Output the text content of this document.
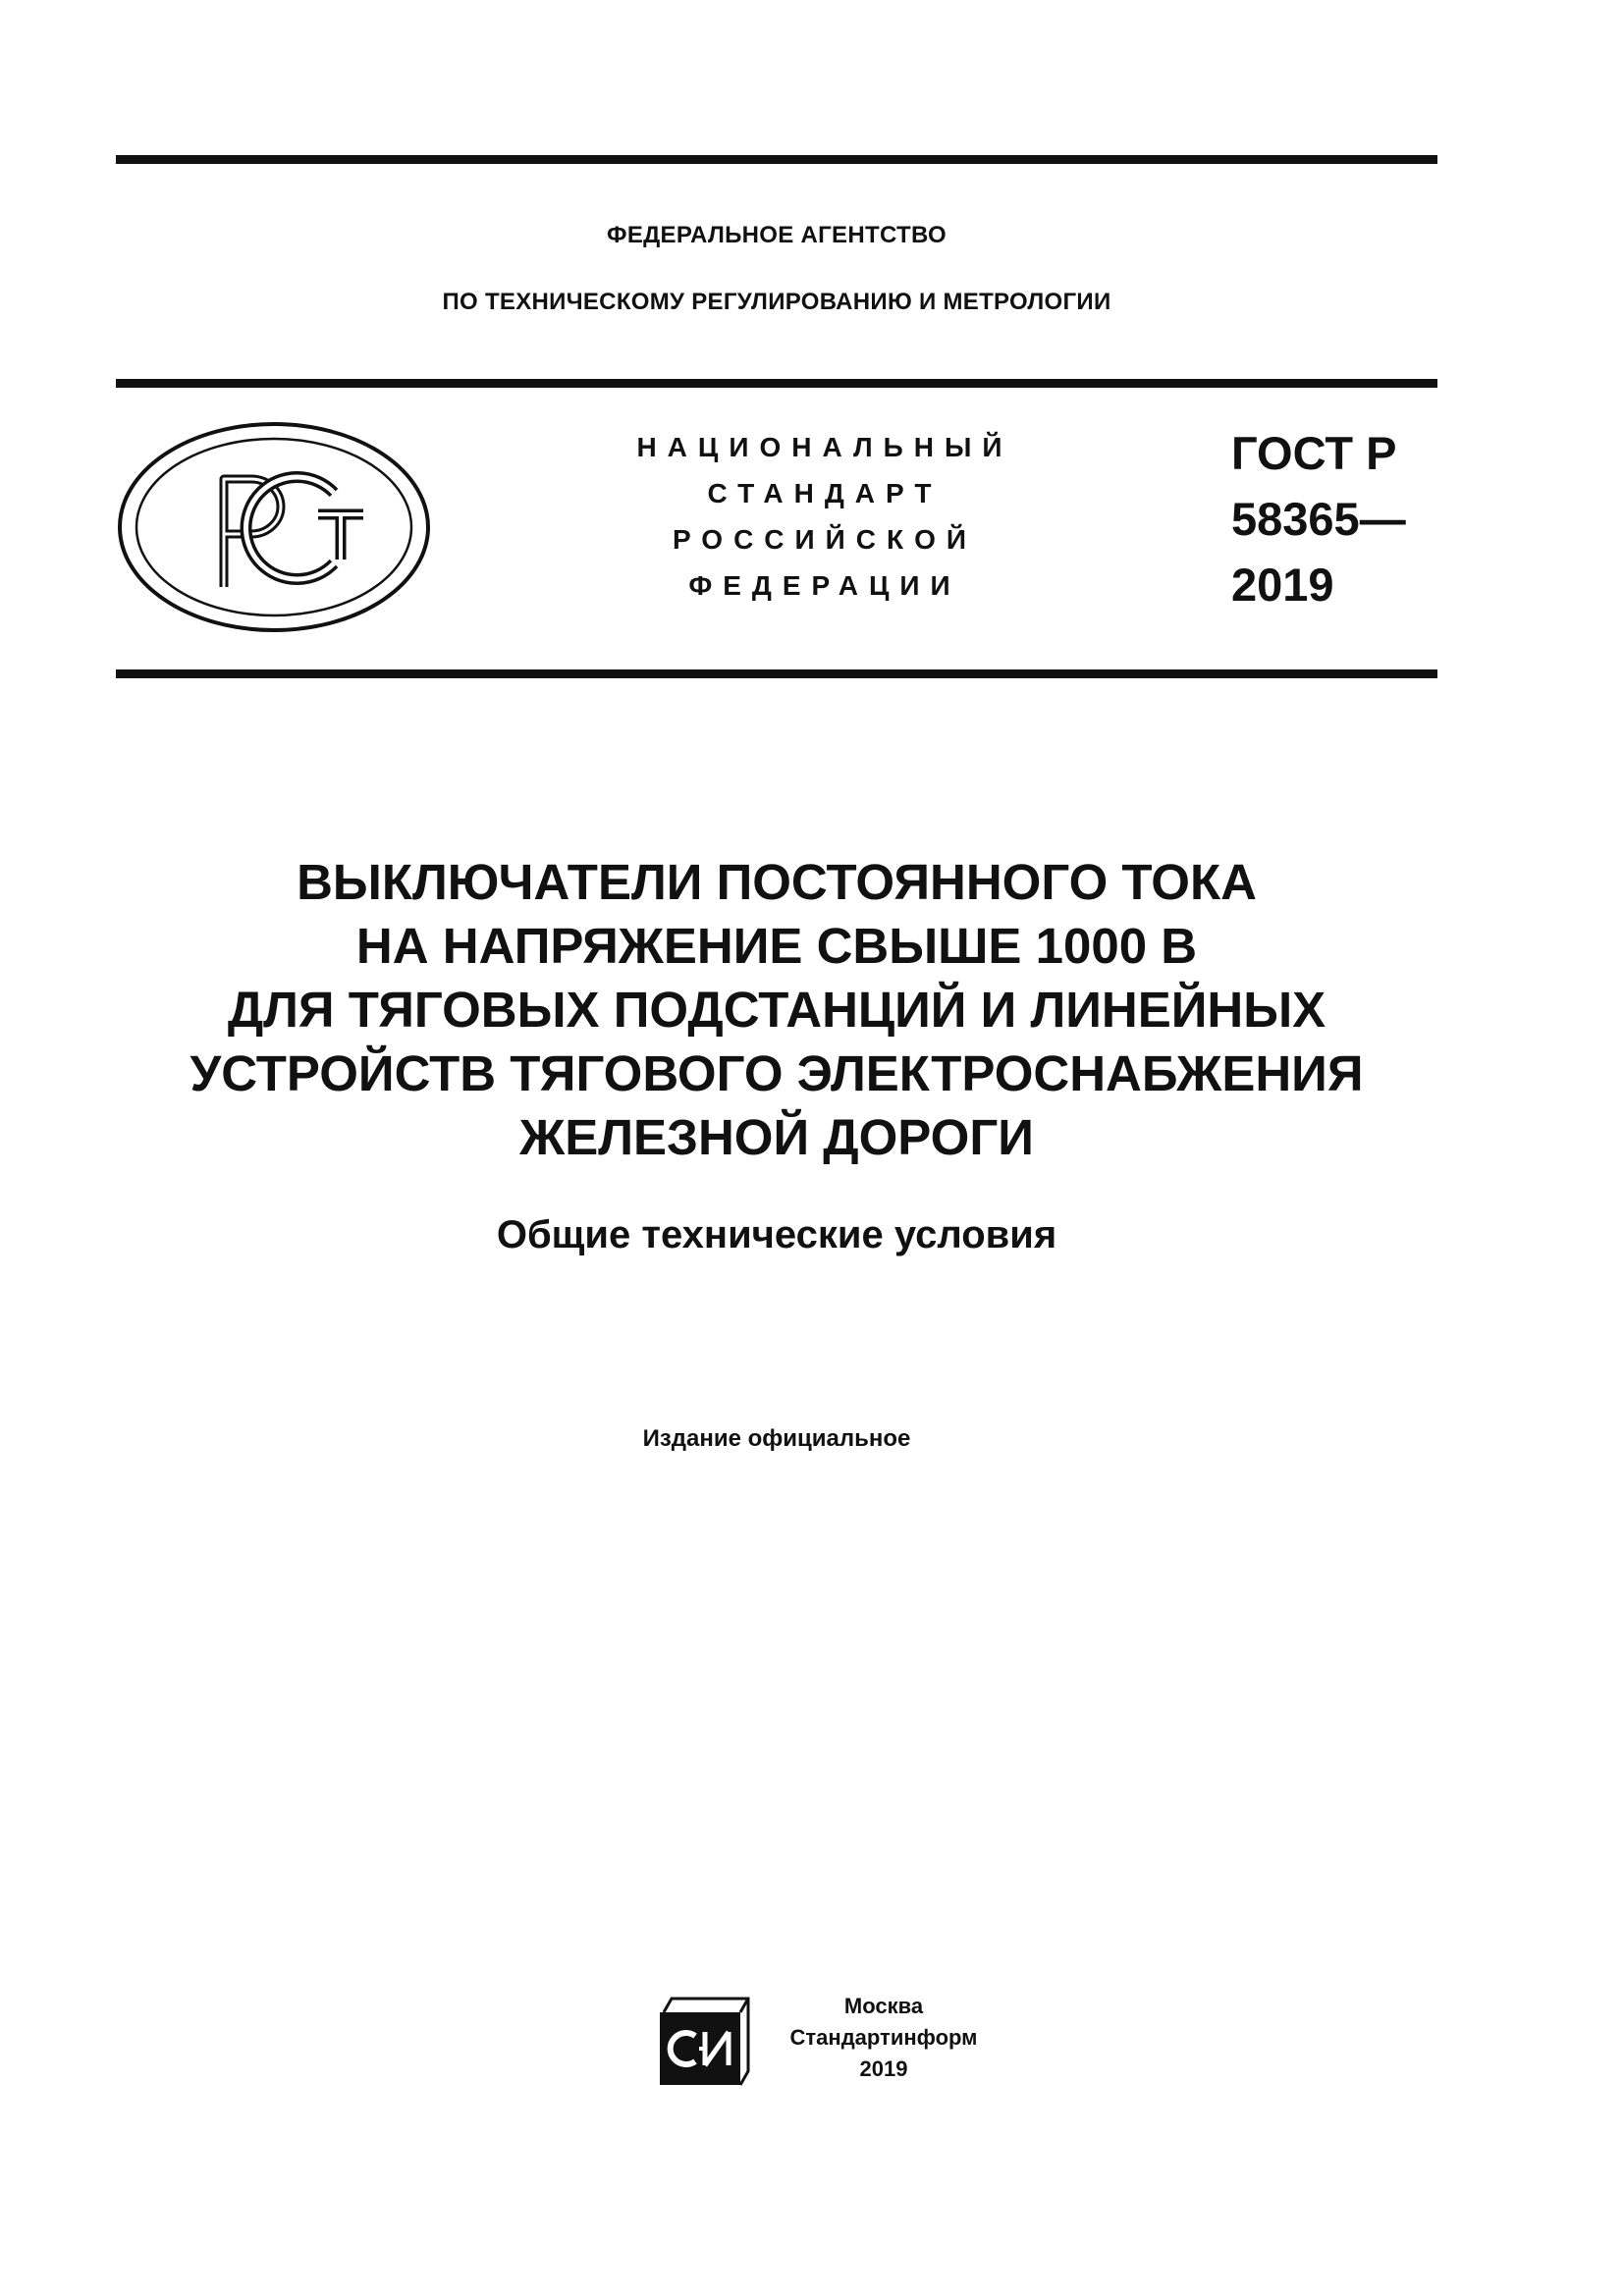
ФЕДЕРАЛЬНОЕ АГЕНТСТВО
ПО ТЕХНИЧЕСКОМУ РЕГУЛИРОВАНИЮ И МЕТРОЛОГИИ
НАЦИОНАЛЬНЫЙ
СТАНДАРТ
РОССИЙСКОЙ
ФЕДЕРАЦИИ
ГОСТ Р
58365—
2019
ВЫКЛЮЧАТЕЛИ ПОСТОЯННОГО ТОКА
НА НАПРЯЖЕНИЕ СВЫШЕ 1000 В
ДЛЯ ТЯГОВЫХ ПОДСТАНЦИЙ И ЛИНЕЙНЫХ
УСТРОЙСТВ ТЯГОВОГО ЭЛЕКТРОСНАБЖЕНИЯ
ЖЕЛЕЗНОЙ ДОРОГИ
Общие технические условия
Издание официальное
Москва
Стандартинформ
2019
